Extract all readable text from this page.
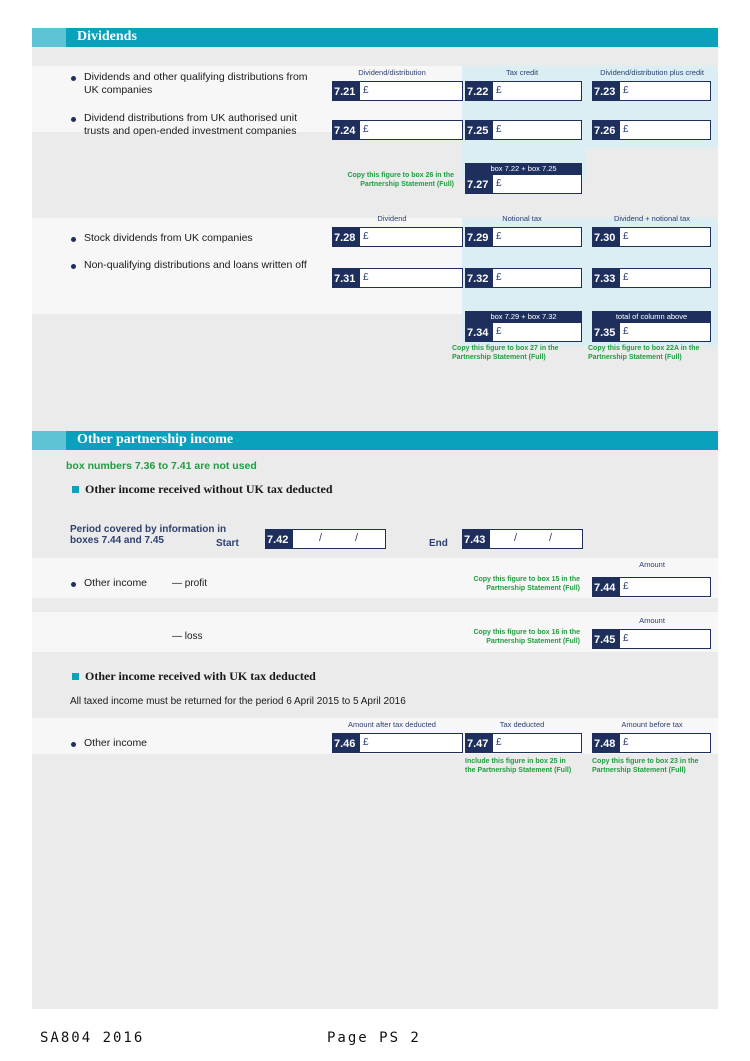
Dividends
Dividend/distribution	Tax credit	Dividend/distribution plus credit
Dividends and other qualifying distributions from UK companies	7.21 £	7.22 £	7.23 £
Dividend distributions from UK authorised unit trusts and open-ended investment companies	7.24 £	7.25 £	7.26 £
box 7.22 + box 7.25
Copy this figure to box 26 in the Partnership Statement (Full) 7.27 £
Dividend	Notional tax	Dividend + notional tax
Stock dividends from UK companies	7.28 £	7.29 £	7.30 £
Non-qualifying distributions and loans written off
7.31 £	7.32 £	7.33 £
box 7.29 + box 7.32	total of column above
7.34 £	7.35 £
Copy this figure to box 27 in the Partnership Statement (Full)
Copy this figure to box 22A in the Partnership Statement (Full)
Other partnership income
box numbers 7.36 to 7.41 are not used
Other income received without UK tax deducted
Period covered by information in boxes 7.44 and 7.45	Start	7.42	/	/	End 7.43	/	/
Amount
Other income — profit	Copy this figure to box 15 in the Partnership Statement (Full) 7.44 £
Amount
— loss	Copy this figure to box 16 in the Partnership Statement (Full) 7.45 £
Other income received with UK tax deducted
All taxed income must be returned for the period 6 April 2015 to 5 April 2016
Amount after tax deducted	Tax deducted	Amount before tax
Other income	7.46 £	7.47 £	7.48 £
Include this figure in box 25 in the Partnership Statement (Full)
Copy this figure to box 23 in the Partnership Statement (Full)
SA804 2016	Page PS 2
